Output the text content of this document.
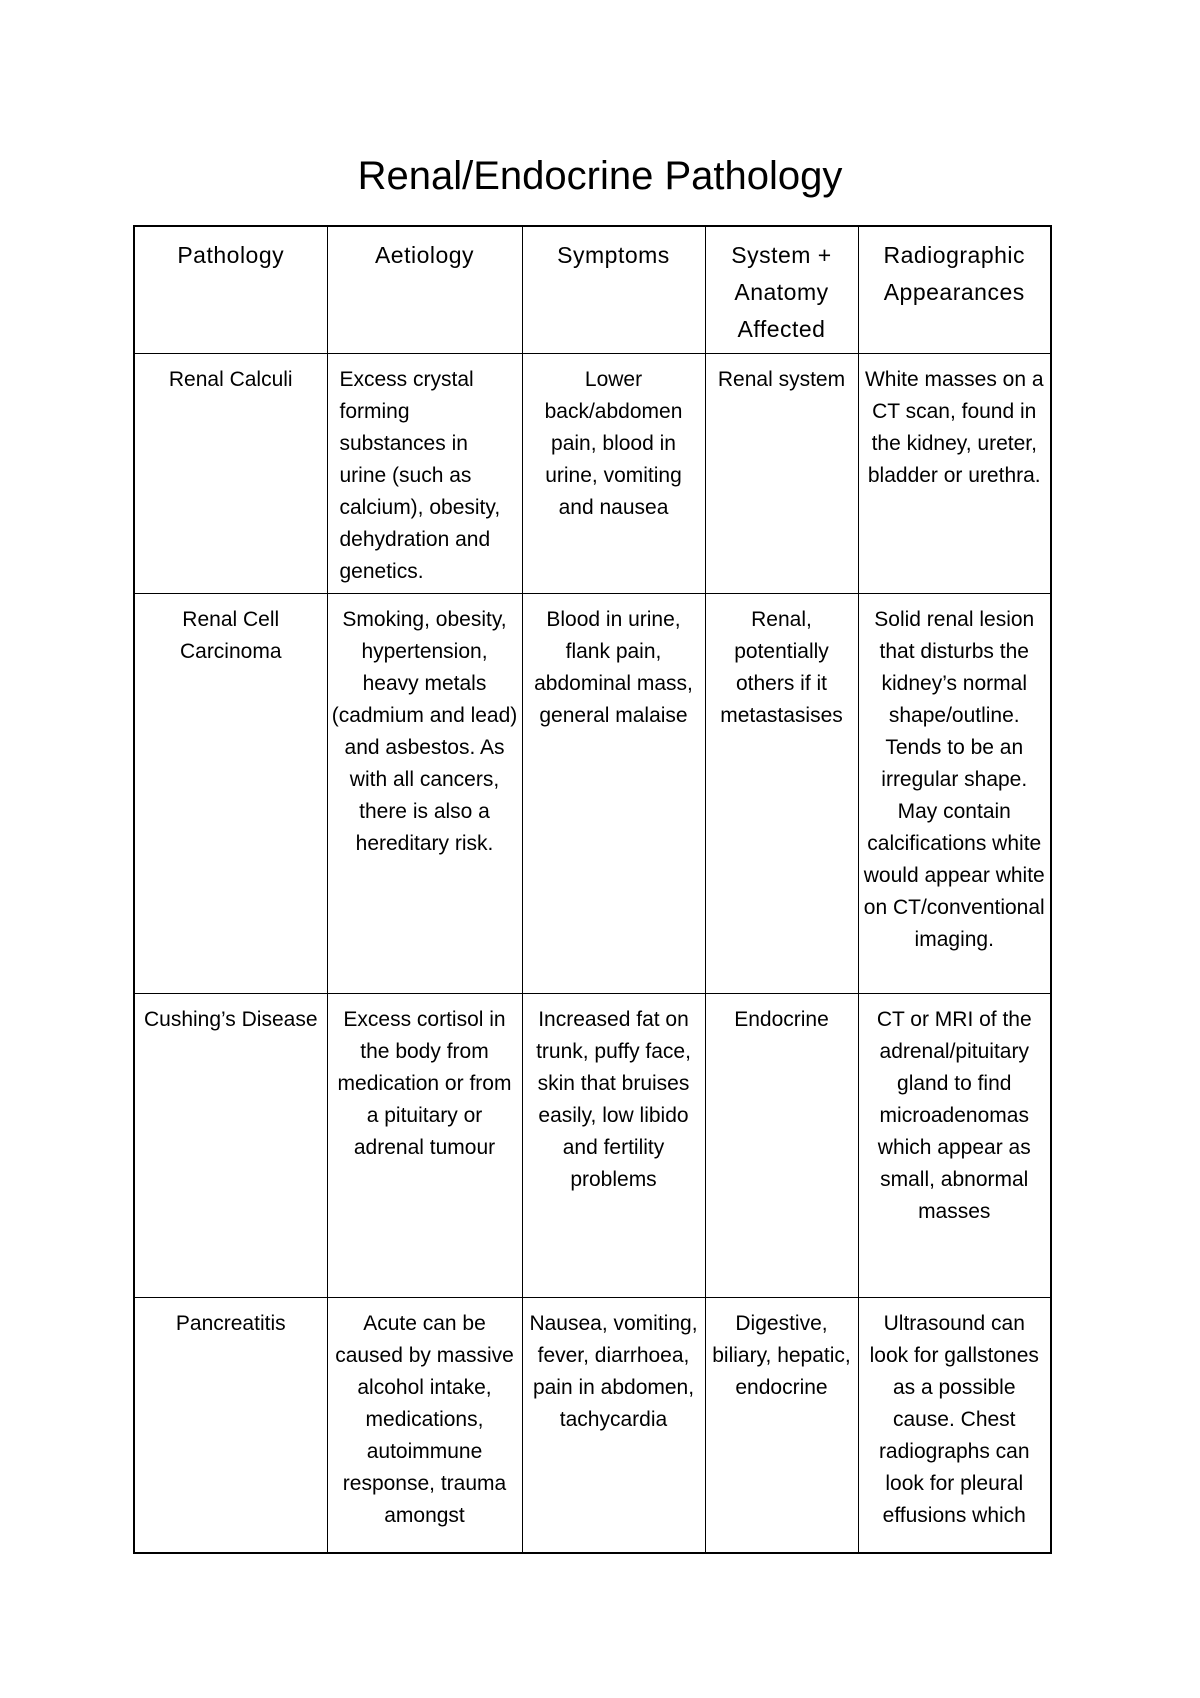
Renal/Endocrine Pathology
Pathology	Aetiology	Symptoms	System + Anatomy Affected	Radiographic Appearances
Renal Calculi	Excess crystal forming substances in urine (such as calcium), obesity, dehydration and genetics.	Lower back/abdomen pain, blood in urine, vomiting and nausea	Renal system	White masses on a CT scan, found in the kidney, ureter, bladder or urethra.
Renal Cell Carcinoma	Smoking, obesity, hypertension, heavy metals (cadmium and lead) and asbestos. As with all cancers, there is also a hereditary risk.	Blood in urine, flank pain, abdominal mass, general malaise	Renal, potentially others if it metastasises	Solid renal lesion that disturbs the kidney’s normal shape/outline. Tends to be an irregular shape. May contain calcifications white would appear white on CT/conventional imaging.
Cushing’s Disease	Excess cortisol in the body from medication or from a pituitary or adrenal tumour	Increased fat on trunk, puffy face, skin that bruises easily, low libido and fertility problems	Endocrine	CT or MRI of the adrenal/pituitary gland to find microadenomas which appear as small, abnormal masses
Pancreatitis	Acute can be caused by massive alcohol intake, medications, autoimmune response, trauma amongst	Nausea, vomiting, fever, diarrhoea, pain in abdomen, tachycardia	Digestive, biliary, hepatic, endocrine	Ultrasound can look for gallstones as a possible cause. Chest radiographs can look for pleural effusions which
